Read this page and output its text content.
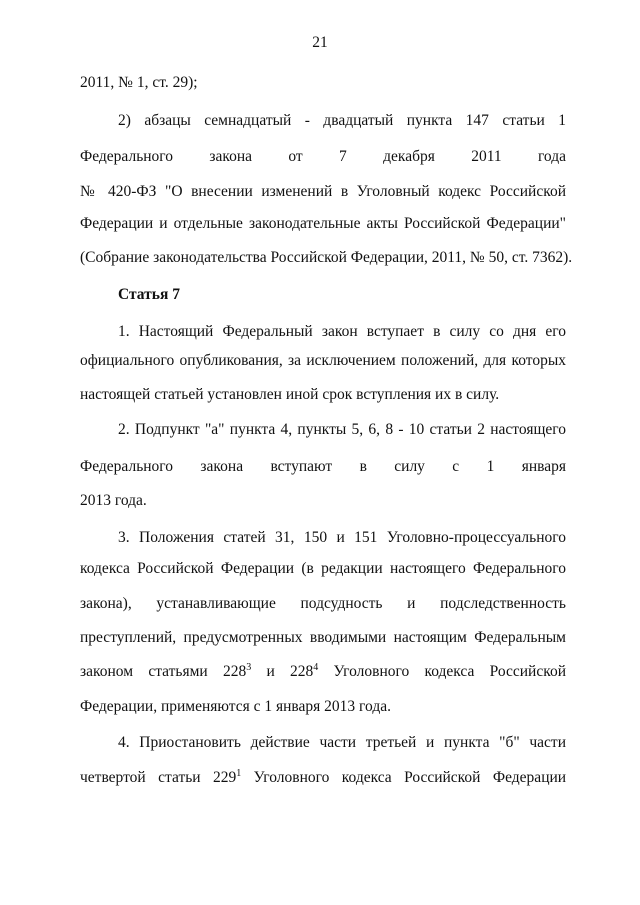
21
2011, № 1, ст. 29);
2) абзацы семнадцатый - двадцатый пункта 147 статьи 1
Федерального закона от 7 декабря 2011 года
№ 420-ФЗ "О внесении изменений в Уголовный кодекс Российской
Федерации и отдельные законодательные акты Российской Федерации"
(Собрание законодательства Российской Федерации, 2011, № 50, ст. 7362).
Статья 7
1. Настоящий Федеральный закон вступает в силу со дня его
официального опубликования, за исключением положений, для которых
настоящей статьей установлен иной срок вступления их в силу.
2. Подпункт "а" пункта 4, пункты 5, 6, 8 - 10 статьи 2 настоящего
Федерального закона вступают в силу с 1 января
2013 года.
3. Положения статей 31, 150 и 151 Уголовно-процессуального
кодекса Российской Федерации (в редакции настоящего Федерального
закона), устанавливающие подсудность и подследственность
преступлений, предусмотренных вводимыми настоящим Федеральным
законом статьями $228^3$ и $228^4$ Уголовного кодекса Российской
Федерации, применяются с 1 января 2013 года.
4. Приостановить действие части третьей и пункта "б" части
четвертой статьи $229^1$ Уголовного кодекса Российской Федерации
